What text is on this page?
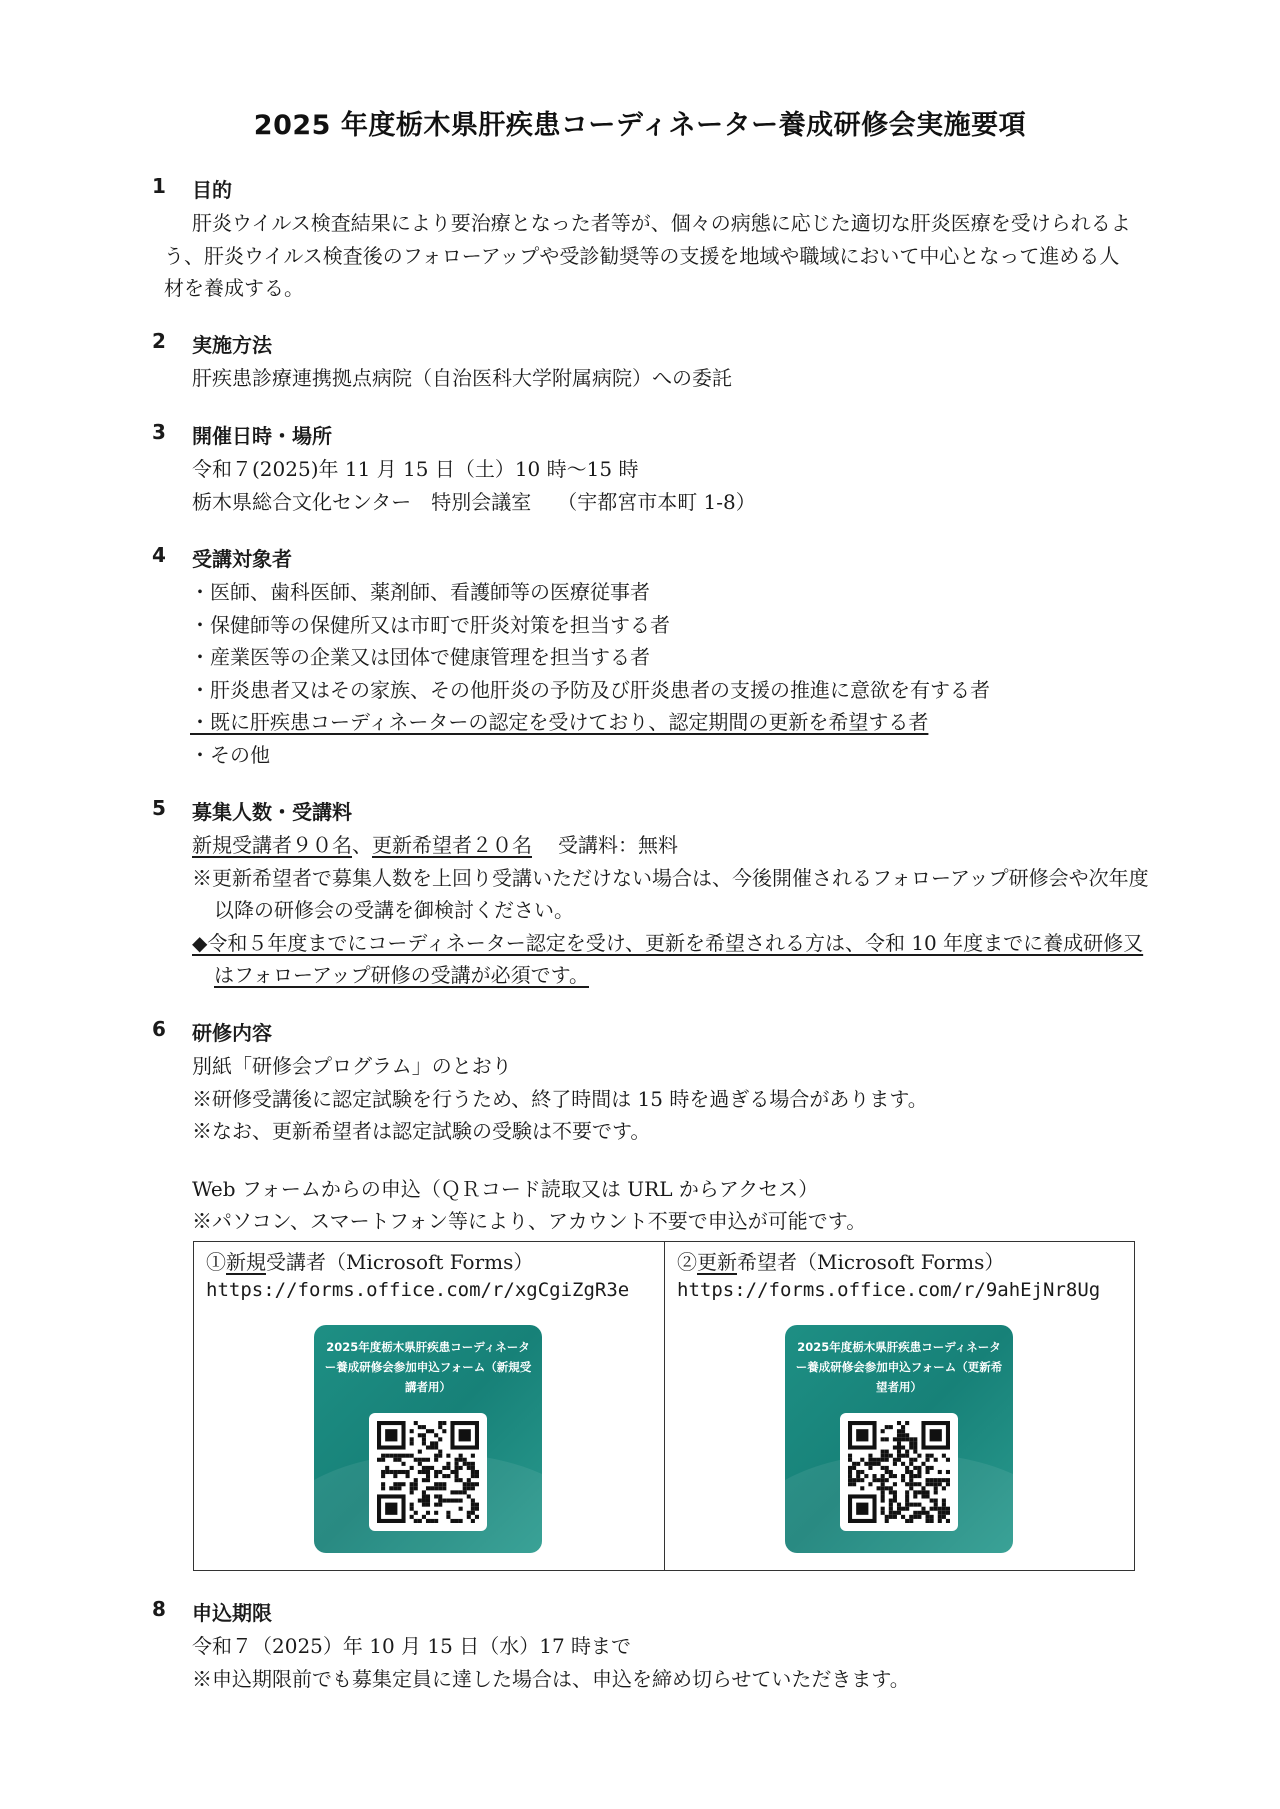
2025 年度栃木県肝疾患コーディネーター養成研修会実施要項
1	目的

肝炎ウイルス検査結果により要治療となった者等が、個々の病態に応じた適切な肝炎医療を受けられるよう、肝炎ウイルス検査後のフォローアップや受診勧奨等の支援を地域や職域において中心となって進める人材を養成する。

2	実施方法

肝疾患診療連携拠点病院（自治医科大学附属病院）への委託

3	開催日時・場所

令和７(2025)年 11 月 15 日（土）10 時～15 時

栃木県総合文化センター　特別会議室 （宇都宮市本町 1-8）

4	受講対象者

・医師、歯科医師、薬剤師、看護師等の医療従事者

・保健師等の保健所又は市町で肝炎対策を担当する者

・産業医等の企業又は団体で健康管理を担当する者

・肝炎患者又はその家族、その他肝炎の予防及び肝炎患者の支援の推進に意欲を有する者

・既に肝疾患コーディネーターの認定を受けており、認定期間の更新を希望する者

・その他

5	募集人数・受講料

新規受講者９０名、更新希望者２０名 受講料：無料

※更新希望者で募集人数を上回り受講いただけない場合は、今後開催されるフォローアップ研修会や次年度以降の研修会の受講を御検討ください。

◆令和５年度までにコーディネーター認定を受け、更新を希望される方は、令和 10 年度までに養成研修又はフォローアップ研修の受講が必須です。

6	研修内容

別紙「研修会プログラム」のとおり

※研修受講後に認定試験を行うため、終了時間は 15 時を過ぎる場合があります。

※なお、更新希望者は認定試験の受験は不要です。

Web フォームからの申込（ＱＲコード読取又は URL からアクセス）

※パソコン、スマートフォン等により、アカウント不要で申込が可能です。

①新規受講者（Microsoft Forms）
https://forms.office.com/r/xgCgiZgR3e
2025年度栃木県肝疾患コーディネーター養成研修会参加申込フォーム（新規受講者用）
②更新希望者（Microsoft Forms）
https://forms.office.com/r/9ahEjNr8Ug
2025年度栃木県肝疾患コーディネーター養成研修会参加申込フォーム（更新希望者用）
8	申込期限

令和７（2025）年 10 月 15 日（水）17 時まで

※申込期限前でも募集定員に達した場合は、申込を締め切らせていただきます。
